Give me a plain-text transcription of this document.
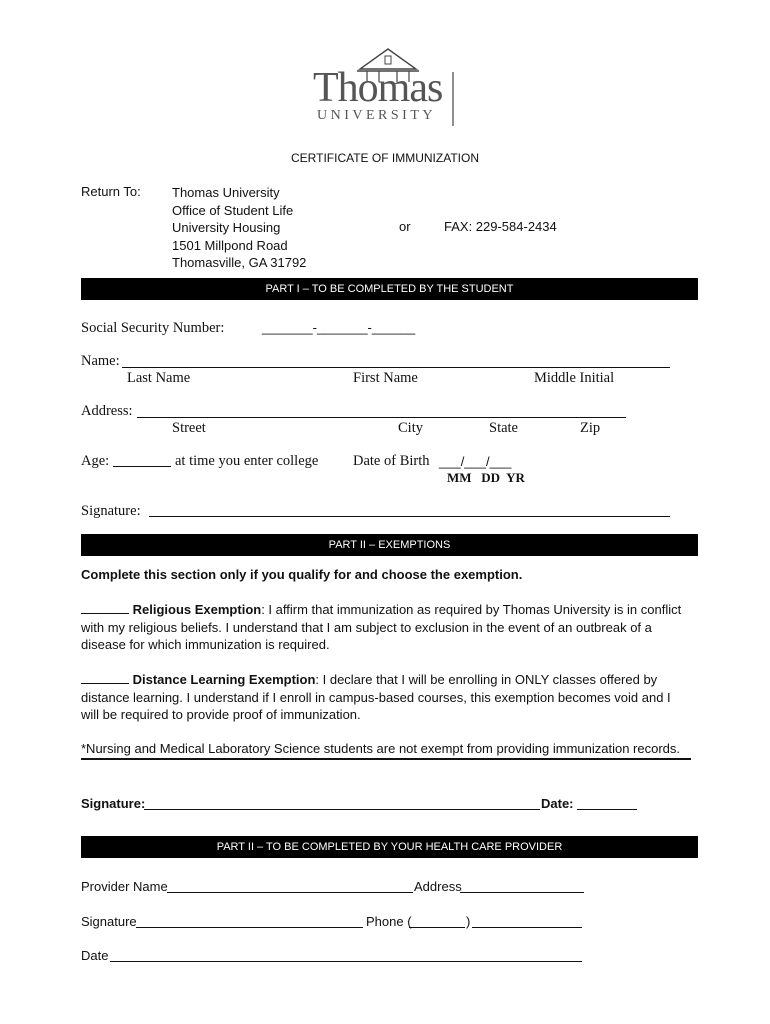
Thomas
UNIVERSITY
CERTIFICATE OF IMMUNIZATION
Return To: Thomas University
Office of Student Life
University Housing
1501 Millpond Road
Thomasville, GA 31792
or	FAX: 229-584-2434
PART I – TO BE COMPLETED BY THE STUDENT
Social Security Number:	_______-_______-______
Name:
Last Name	First Name	Middle Initial
Address:
Street	City	State	Zip
Age:	at time you enter college Date of Birth ___/___/___
MM   DD  YR
Signature:
PART II – EXEMPTIONS
Complete this section only if you qualify for and choose the exemption.
Religious Exemption: I affirm that immunization as required by Thomas University is in conflict with my religious beliefs. I understand that I am subject to exclusion in the event of an outbreak of a disease for which immunization is required.
Distance Learning Exemption: I declare that I will be enrolling in ONLY classes offered by distance learning. I understand if I enroll in campus-based courses, this exemption becomes void and I will be required to provide proof of immunization.
*Nursing and Medical Laboratory Science students are not exempt from providing immunization records.
Signature:	Date:
PART II – TO BE COMPLETED BY YOUR HEALTH CARE PROVIDER
Provider Name	Address
Signature	Phone (	)
Date
